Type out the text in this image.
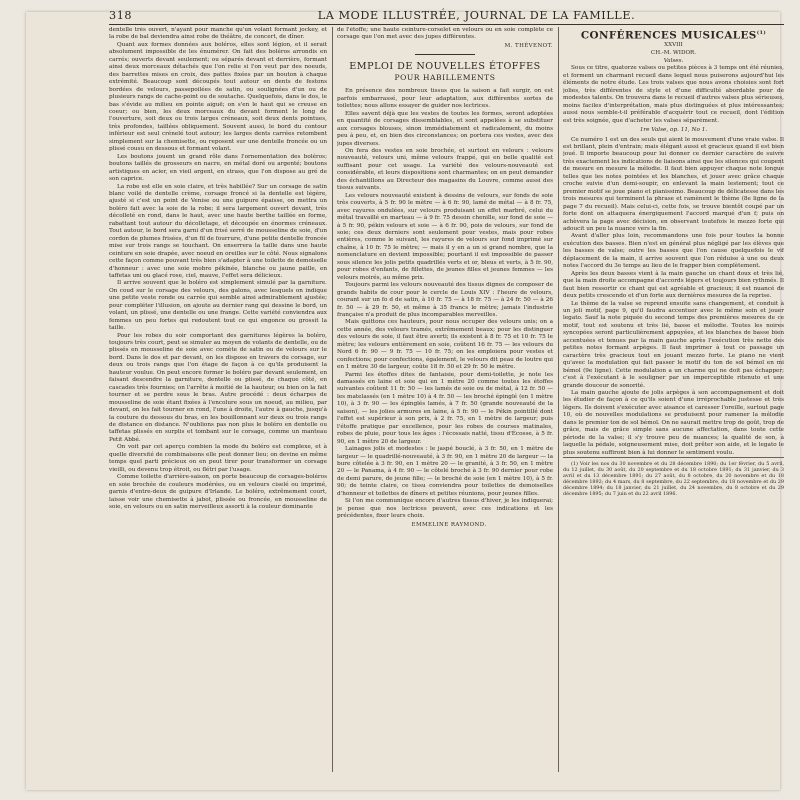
318	LA MODE ILLUSTRÉE, JOURNAL DE LA FAMILLE.

dentelle très ouvert, n'ayant pour manche qu'un volant formant jockey, et la robe de bal deviendra ainsi robe de théâtre, de concert, de dîner.

Quant aux formes données aux boléros, elles sont légion, et il serait absolument impossible de les énumérer. On fait des boléros arrondis en carrés; ouverts devant seulement; ou séparés devant et derrière, formant ainsi deux morceaux détachés que l'on relie si l'on veut par des noeuds, des barrettes mises en croix, des pattes fixées par un bouton à chaque extrémité. Beaucoup sont découpés tout autour en dents de festons bordées de velours, passepoilées de satin, ou soulignées d'un ou de plusieurs rangs de cache-point ou de soutache. Quelquefois, dans le dos, le bas s'évide au milieu en pointe aiguë; on s'en le haut qui se creuse en coeur; ou bien, les deux morceaux du devant forment le long de l'ouverture, soit deux ou trois larges créneaux, soit deux dents pointues, très profondes, taillées obliquement. Souvent aussi, le bord du contour inférieur est seul crénelé tout autour; les larges dents carrées retombent simplement sur la chemisette, ou reposent sur une dentelle froncée ou un plissé cousu en dessous et formant volant.

Les boutons jouent un grand rôle dans l'ornementation des boléros; boutons taillés de grosseurs en nacre, en métal doré ou argenté; boutons artistiques en acier, en vieil argent, en strass, que l'on dispose au gré de son caprice.

La robe est elle en soie claire, et très habillée? Sur un corsage de satin blanc voilé de dentelle crème, corsage froncé si la dentelle est légère, ajusté si c'est un point de Venise ou une guipure épaisse, on mettra un boléro fait avec la soie de la robe; il sera largement ouvert devant, très décolleté en rond, dans le haut, avec une haute berthe taillée en forme, rabattant tout autour du décolletage, et découpée en énormes créneaux. Tout autour, le bord sera garni d'un frisé serré de mousseline de soie, d'un cordon de plumes frisées, d'un fil de fourrure, d'une petite dentelle froncée mise sur trois rangs se touchant. On enserrera la taille dans une haute ceinture en soie drapée, avec noeud en oreilles sur le côté. Nous signalons cette façon comme pouvant très bien s'adapter à une toilette de demoiselle d'honneur : avec une soie mobre pékinée, blanche ou jaune paille, en taffetas uni ou glacé rose, ciel, mauve, l'effet sera délicieux.

Il arrive souvent que le boléro est simplement simulé par la garniture. On coud sur le corsage des velours, des galons, avec lesquels on indique une petite veste ronde ou carrée qui semble ainsi admirablement ajustée; pour compléter l'illusion, on ajoute au dernier rang qui dessine le bord, un volant, un plissé, une dentelle ou une frange. Cette variété conviendra aux femmes un peu fortes qui redoutent tout ce qui engonce ou grossit la taille.

Pour les robes du soir comportant des garnitures légères la boléro, toujours très court, peut se simuler au moyen de volants de dentelle, ou de plissés en mousseline de soie avec comète de satin ou de velours sur le bord. Dans le dos et par devant, on les dispose en travers du corsage, sur deux ou trois rangs que l'on étage de façon à ce qu'ils produisent la hauteur voulue. On peut encore former le boléro par devant seulement, en faisant descendre la garniture, dentelle ou plissé, de chaque côté, en cascades très fournies; on l'arrête à moitié de la hauteur, ou bien on la fait tourner et se perdre sous le bras. Autre procédé : deux écharpes de mousseline de soie étant fixées à l'encolure sous un noeud, au milieu, par devant, on les fait tourner en rond, l'une à droite, l'autre à gauche, jusqu'à la couture du dessous du bras, en les bouillonnant sur deux ou trois rangs de distance en distance. N'oublions pas non plus le boléro en dentelle ou taffetas plissés en surplis et tombant sur le corsage, comme un manteau Petit Abbé.

On voit par cet aperçu combien la mode du boléro est complexe, et à quelle diversité de combinaisons elle peut donner lieu; on devine en même temps quel parti précieux on en peut tirer pour transformer un corsage vieilli, ou devenu trop étroit, ou flétri par l'usage.

Comme toilette d'arrière-saison, on porte beaucoup de corsages-boléros en soie brochée de couleurs modérées, ou en velours ciselé ou imprimé, garnis d'entre-deux de guipure d'Irlande. Le boléro, extrêmement court, laisse voir une chemisette à jabot, plissée ou froncée, en mousseline de soie, en velours ou en satin merveilleux assorti à la couleur dominante

de l'étoffe; une haute ceinture-corselet en velours ou en soie complète ce corsage que l'on met avec des jupes différentes.

M. THÉVENOT.

EMPLOI DE NOUVELLES ÉTOFFES
POUR HABILLEMENTS

En présence des nombreux tissus que la saison a fait surgir, on est parfois embarrassé, pour leur adaptation, aux différentes sortes de toilettes; nous allons essayer de guider nos lectrices.

Elles savent déjà que les vestes de toutes les formes, seront adoptées en quantité de corsages dissemblables, et sont appelées à se substituer aux corsages blouses, sinon immédiatement et radicalement, du moins peu à peu, et, en bien des circonstances; on portera ces vestes, avec des jupes diverses.

On fera des vestes en soie brochée, et surtout en velours : velours nouveauté, velours uni, même velours frappé, qui en belle qualité est suffisant pour cet usage. La variété des velours-nouveauté est considérable, et leurs dispositions sont charmantes; on en peut demander des échantillons au Directeur des magasins du Louvre, comme aussi des tissus suivants.

Les velours nouveauté existent à dessins de velours, sur fonds de soie très couverts, à 5 fr. 90 le mètre — à 6 fr. 90, lamé de métal — à 8 fr. 75, avec rayures ondulées, sur velours produisant un effet marbré, celui du métal travaillé en marteau — à 9 fr. 75 dessin chenille, sur fond de soie — à 5 fr. 90, pékin velours et soie — à 6 fr. 90, pois de velours, sur fond de soie; ces deux derniers sont seulement pour vestes, mais pour robes entières, comme le suivant, les rayures de velours sur fond imprimé sur chaîne, à 10 fr. 75 le mètre; — mais il y en a un si grand nombre, que la nomenclature en devient impossible; pourtant il est impossible de passer sous silence les jolis petits quadrillés verts et or, bleus et verts, à 5 fr. 90, pour robes d'enfants, de fillettes, de jeunes filles et jeunes femmes — les velours moirés, au même prix.

Toujours parmi les velours nouveauté des tissus dignes de composer de grands habits de cour pour le cercle de Louis XIV : l'heure de velours, courant sur un fo d de satin, à 10 fr. 75 — à 18 fr. 75 — à 24 fr. 50 — à 26 fr. 50 — à 29 fr. 50, et même à 35 francs le mètre; jamais l'industrie française n'a produit de plus incomparables merveilles.

Mais quittons ces hauteurs, pour nous occuper des velours unis; on a cette année, des velours tramés, extrêmement beaux; pour les distinguer des velours de soie, il faut être averti; ils existent à 8 fr. 75 et 10 fr. 75 le mètre; les velours entièrement en soie, coûtent 16 fr. 75 — les velours du Nord 6 fr. 90 — 9 fr. 75 — 10 fr. 75; on les emploiera pour vestes et confections; pour confections, également, le velours dit peau de loutre qui en 1 mètre 30 de largeur, coûte 18 fr. 50 et 29 fr. 50 le mètre.

Parmi les étoffes dites de fantaisie, pour demi-toilette, je note les damassés en laine et soie qui en 1 mètre 20 comme toutes les étoffes suivantes coûtent 11 fr. 50 — les lamés de soie ou de métal, à 12 fr. 50 — les matelassés (en 1 mètre 10) à 4 fr. 50 — les broché épinglé (en 1 mètre 10), à 3 fr. 90 — les épinglés lamés, à 7 fr. 50 (grande nouveauté de la saison), — les jolies armures en laine, à 5 fr. 90 — le Pékin pointillé dont l'effet est supérieur à son prix, à 2 fr. 75, en 1 mètre de largeur; puis l'étoffe pratique par excellence, pour les robes de courses matinales, robes de pluie, pour tous les âges : l'écossais natté, tissu d'Écosse, à 5 fr. 90, en 1 mètre 20 de largeur.

Lainages jolis et modestes : le jaspé bouclé, à 3 fr. 50, en 1 mètre de largeur — le quadrillé-nouveauté, à 3 fr. 90, en 1 mètre 20 de largeur — la bure côtelée à 3 fr. 90, en 1 mètre 20 — le granité, à 3 fr. 50, en 1 mètre 20 — le Panama, à 4 fr. 90 — le côtelé broché à 3 fr. 90 dernier pour robe de demi parure, de jeune fille; — le broché de soie (en 1 mètre 10), à 5 fr. 90; de teinte claire, ce tissu conviendra pour toilettes de demoiselles d'honneur et toilettes de dîners et petites réunions, pour jeunes filles.

Si l'on me communique encore d'autres tissus d'hiver, je les indiquerai; je pense que nos lectrices peuvent, avec ces indications et les précédentes, fixer leurs choix.

EMMELINE RAYMOND.

CONFÉRENCES MUSICALES$^{(1)}$
XXVIII
CH.-M. WIDOR.
Valses.

Sous ce titre, quatorze valses ou petites pièces à 3 temps ont été réunies, et forment un charmant recueil dans lequel nous puiserons aujourd'hui les éléments de notre étude. Les trois valses que nous avons choisies sont fort jolies, très différentes de style et d'une difficulté abordable pour de modestes talents. On trouvera dans le recueil d'autres valses plus sérieuses, moins faciles d'interprétation, mais plus distinguées et plus intéressantes; aussi nous semble-t-il préférable d'acquérir tout ce recueil, dont l'édition est très soignée, que d'acheter les valses séparément.

1re Valse, op. 11, No 1.

Ce numéro 1 est un des seuls qui aient le mouvement d'une vraie valse. Il est brillant, plein d'entrain; mais élégant aussi et gracieux quand il est bien joué. Il importe beaucoup pour lui donner ce dernier caractère de suivre très exactement les indications de liaisons ainsi que les silences qui coupent de mesure en mesure la mélodie. Il faut bien appuyer chaque note longue telles que les notes pointées et les blanches, et jouer avec grâce chaque croche suivie d'un demi-soupir, en enlevant la main lestement; tout ce premier motif se joue piano et pianissimo. Beaucoup de délicatesse dans les trois mesures qui terminent la phrase et ramènent le thème (8e ligne de la page 7 du recueil). Mais celui-ci, cette fois, se trouve bientôt coupé par un forte dont on attaquera énergiquement l'accord marqué d'un f; puis on achèvera la page avec décision, en observant toutefois le mezzo forte qui adoucit un peu la nuance vers la fin.

Avant d'aller plus loin, recommandons une fois pour toutes la bonne exécution des basses. Bien n'est en général plus négligé par les élèves que les basses de valse; outre les basses que l'on cause quelquefois le vif déplacement de la main, il arrive souvent que l'on réduise à une ou deux notes l'accord du 3e temps au lieu de le frapper bien complètement.

Après les deux basses vient à la main gauche un chant doux et très lié, que la main droite accompagne d'accords légers et toujours bien rythmés. Il faut bien ressortir ce chant qui est agréable et gracieux; il est nuancé de deux petits crescendo et d'un forte aux dernières mesures de la reprise.

Le thème de la valse se reprend ensuite sans changement, et conduit à un joli motif, page 9, qu'il faudra accentuer avec le même soin et jouer legato. Sauf la note piquée du second temps des premières mesures de ce motif, tout est soutenu et très lié, basse et mélodie. Toutes les noires syncopées seront particulièrement appuyées, et les blanches de basse bien accentuées et tenues par la main gauche après l'exécution très nette des petites notes formant arpèges. Il faut imprimer à tout ce passage un caractère très gracieux tout en jouant mezzo forte. Le piano ne vient qu'avec la modulation qui fait passer le motif du ton de sol bémol en mi bémol (9e ligne). Cette modulation a un charme qui ne doit pas échapper; c'est à l'exécutant à le souligner par un imperceptible ritenuto et une grande douceur de sonorité.

La main gauche ajoute de jolis arpèges à son accompagnement et doit les étudier de façon à ce qu'ils soient d'une irréprochable justesse et très légers. Ils doivent s'exécuter avec aisance et caresser l'oreille, surtout page 10, où de nouvelles modulations se produisent pour ramener la mélodie dans le premier ton de sol bémol. On ne saurait mettre trop de goût, trop de grâce, mais de grâce simple sans aucune affectation, dans toute cette période de la valse; il s'y trouve peu de nuances; la qualité de son, à laquelle la pédale, soigneusement mise, doit prêter son aide, et le legato le plus soutenu suffiront bien à lui donner le sentiment voulu.

(1) Voir les nos du 30 novembre et du 28 décembre 1890; du 1er février, du 5 avril, du 12 juillet, du 30 août, du 20 septembre et du 18 octobre 1891; du 31 janvier, du 3 avril et du 13 décembre 1891; du 27 août, du 8 octobre, du 20 novembre et du 18 décembre 1892; du 4 mars, du 8 septembre, du 22 septembre, du 18 novembre et du 29 décembre 1894; du 18 janvier, du 21 juillet, du 24 novembre, du 8 octobre et du 29 décembre 1895; du 7 juin et du 22 avril 1896.
